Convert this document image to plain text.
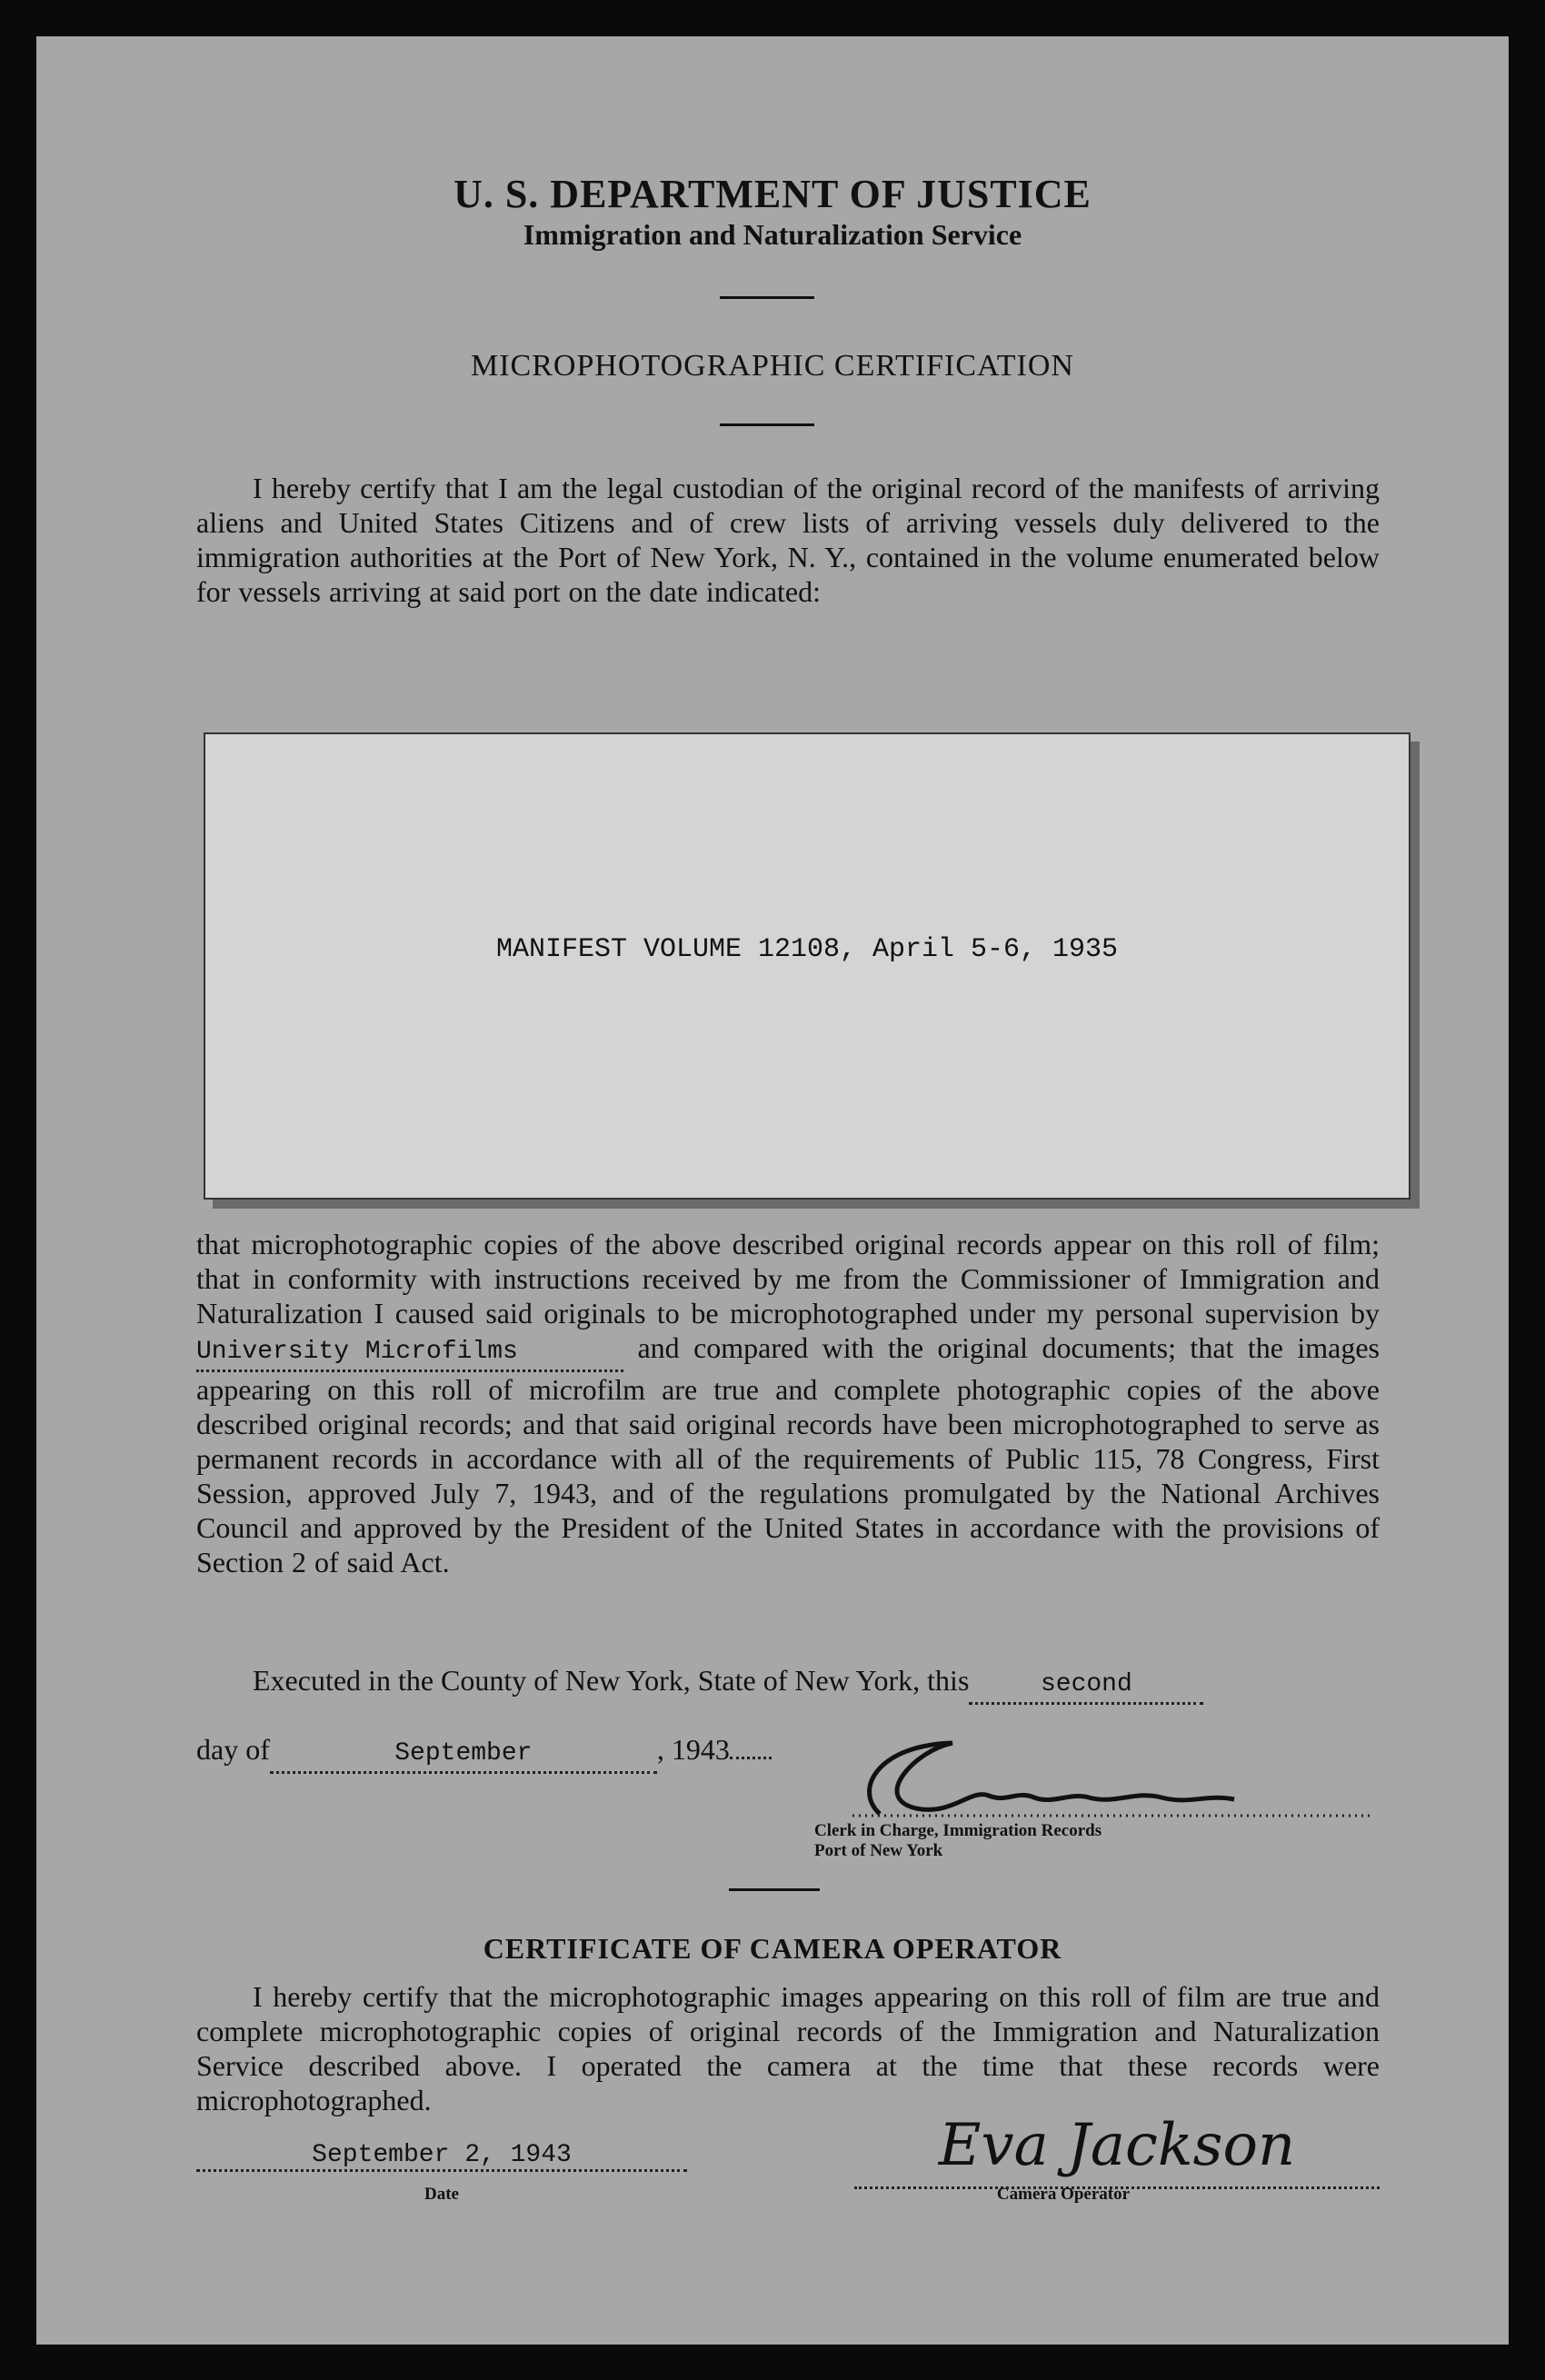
U. S. DEPARTMENT OF JUSTICE
Immigration and Naturalization Service
MICROPHOTOGRAPHIC CERTIFICATION
I hereby certify that I am the legal custodian of the original record of the manifests of arriving aliens and United States Citizens and of crew lists of arriving vessels duly delivered to the immigration authorities at the Port of New York, N. Y., contained in the volume enumerated below for vessels arriving at said port on the date indicated:
MANIFEST VOLUME 12108, April 5-6, 1935
that microphotographic copies of the above described original records appear on this roll of film; that in conformity with instructions received by me from the Commissioner of Immigration and Naturalization I caused said originals to be microphotographed under my personal supervision byUniversity Microfilms	and compared with the original documents; that the images appearing on this roll of microfilm are true and complete photographic copies of the above described original records; and that said original records have been microphotographed to serve as permanent records in accordance with all of the requirements of Public 115, 78 Congress, First Session, approved July 7, 1943, and of the regulations promulgated by the National Archives Council and approved by the President of the United States in accordance with the provisions of Section 2 of said Act.
Executed in the County of New York, State of New York, this	second
day of	September	, 1943
Clerk in Charge, Immigration Records
Port of New York
CERTIFICATE OF CAMERA OPERATOR
I hereby certify that the microphotographic images appearing on this roll of film are true and complete microphotographic copies of original records of the Immigration and Naturalization Service described above. I operated the camera at the time that these records were microphotographed.
September 2, 1943
Date
Eva Jackson
Camera Operator
